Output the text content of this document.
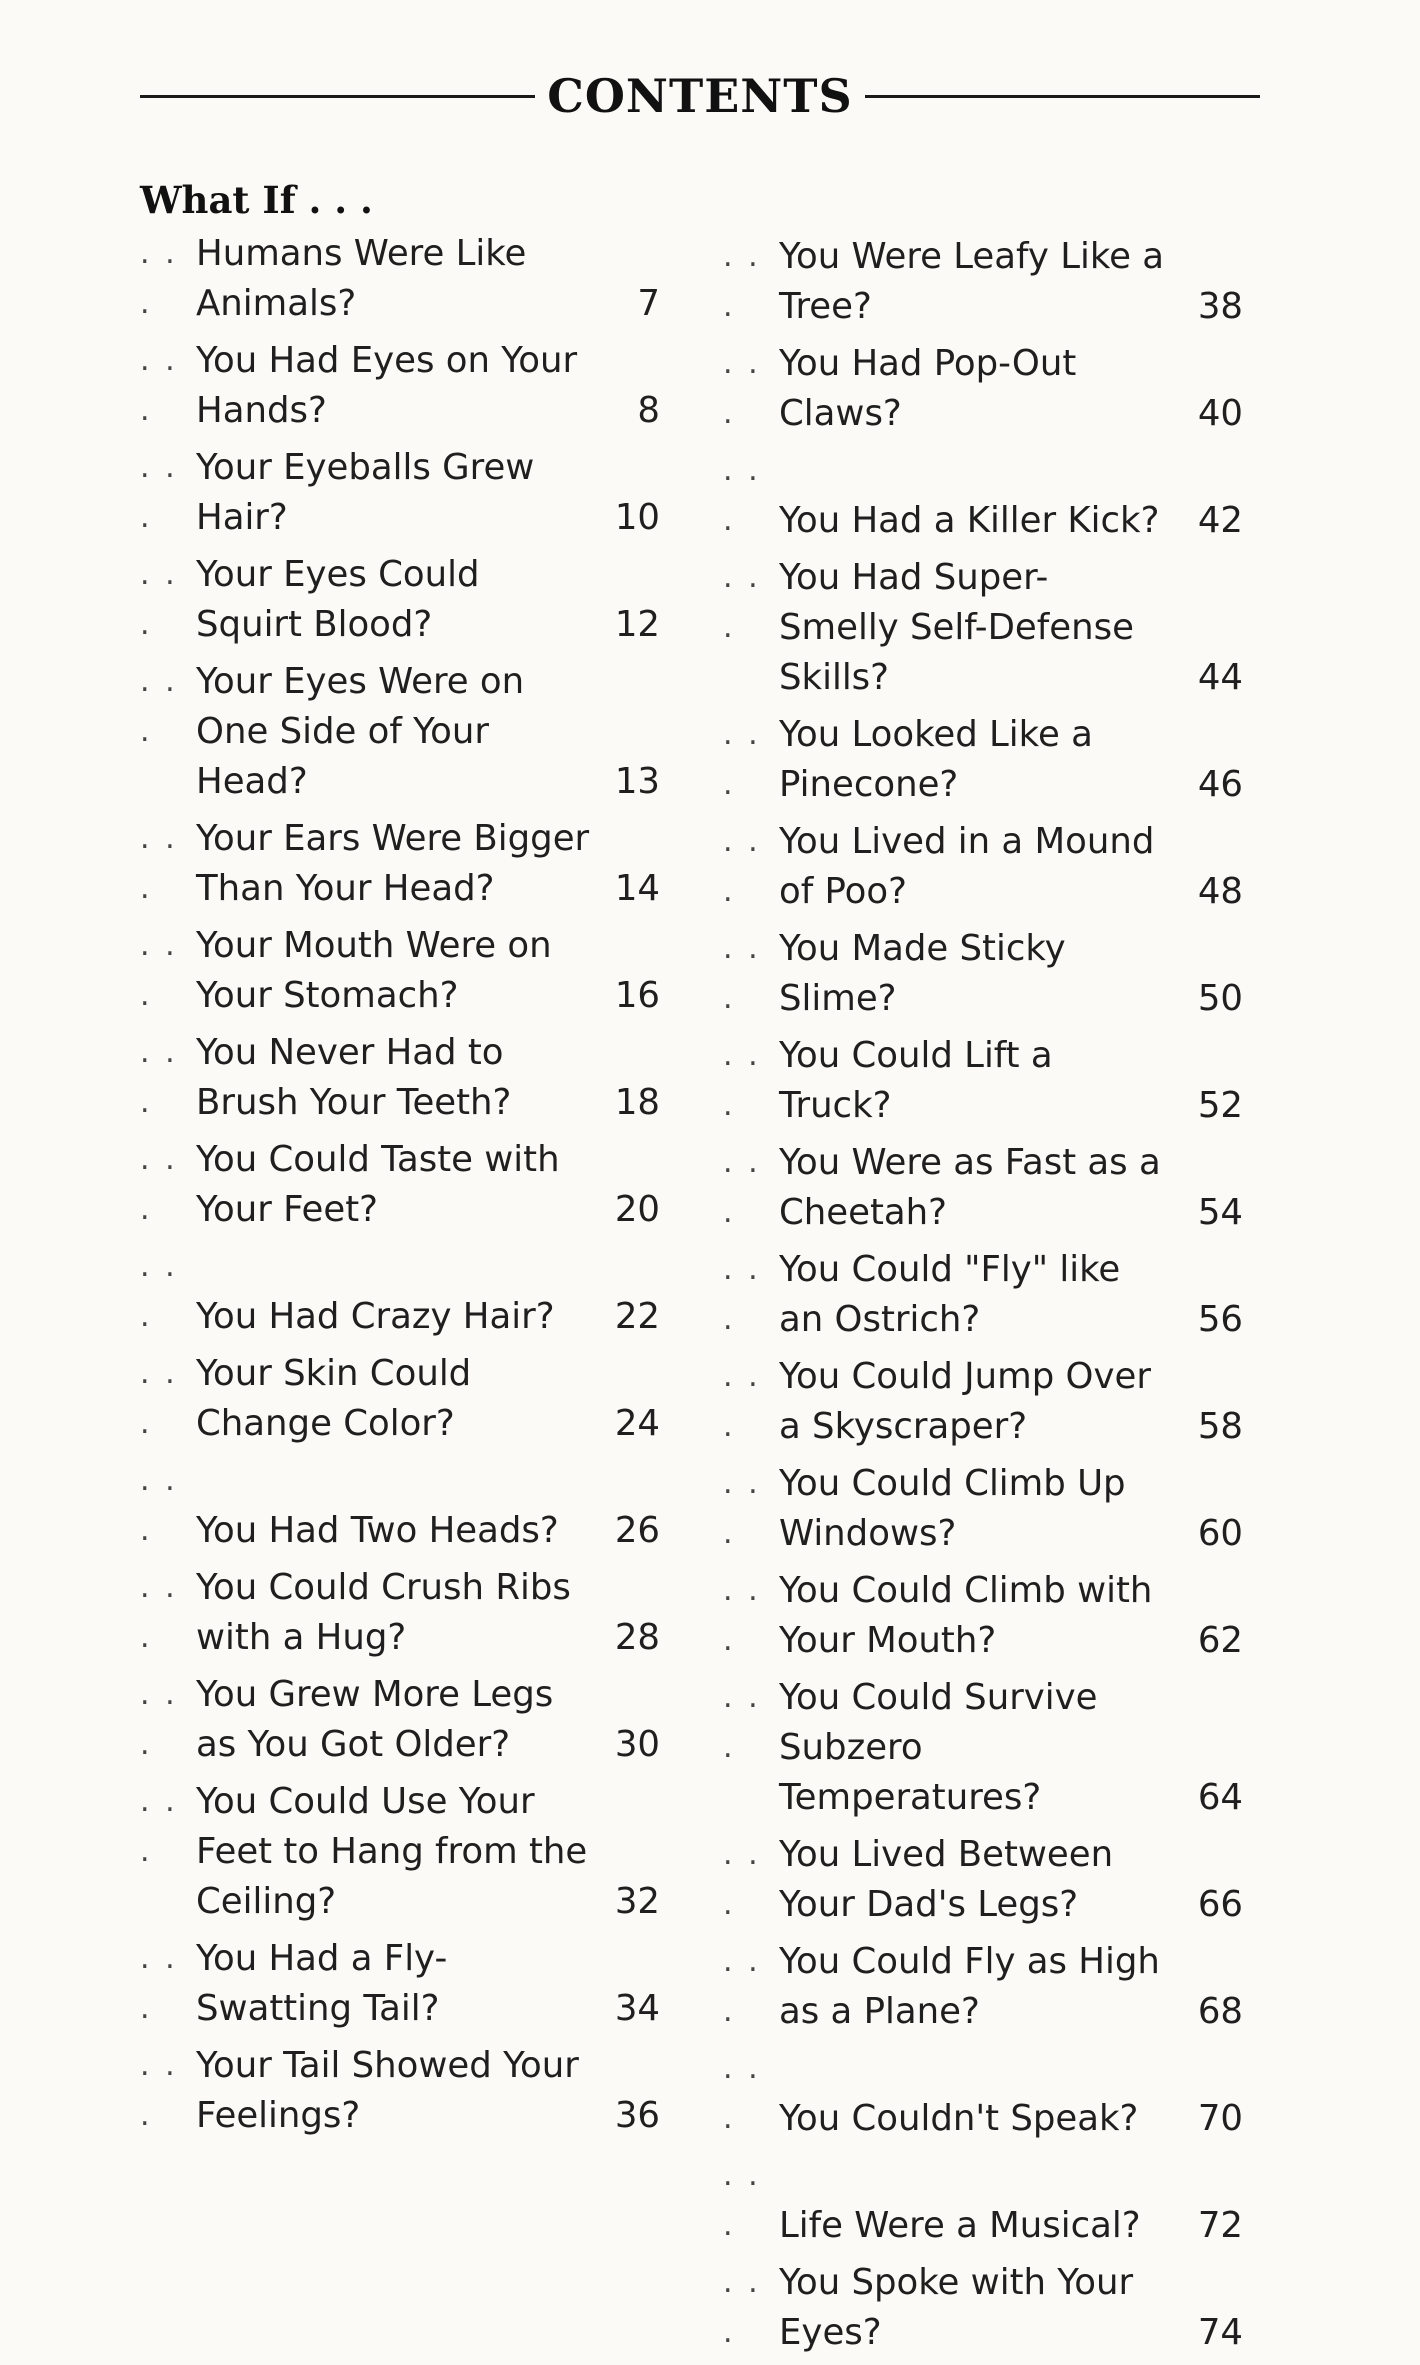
CONTENTS
What If . . .
. . .
Humans Were Like Animals?	7
. . .
You Had Eyes on Your Hands?	8
. . .
Your Eyeballs Grew Hair?	10
. . .
Your Eyes Could Squirt Blood?	12
. . .
Your Eyes Were on One Side of Your Head?	13
. . .
Your Ears Were Bigger Than Your Head?	14
. . .
Your Mouth Were on Your Stomach?	16
. . .
You Never Had to Brush Your Teeth?	18
. . .
You Could Taste with Your Feet?	20
. . .	You Had Crazy Hair?	22
. . .
Your Skin Could Change Color?	24
. . .	You Had Two Heads?	26
. . .
You Could Crush Ribs with a Hug?	28
. . .
You Grew More Legs as You Got Older?	30
. . .
You Could Use Your Feet to Hang from the Ceiling?	32
. . .
You Had a Fly-Swatting Tail?	34
. . .
Your Tail Showed Your Feelings?	36
. . .
You Were Leafy Like a Tree?	38
. . .
You Had Pop-Out Claws?	40
. . .	You Had a Killer Kick?	42
. . .
You Had Super-Smelly Self-Defense Skills?	44
. . .
You Looked Like a Pinecone?	46
. . .
You Lived in a Mound of Poo?	48
. . .
You Made Sticky Slime?	50
. . .
You Could Lift a Truck?	52
. . .
You Were as Fast as a Cheetah?	54
. . .
You Could "Fly" like an Ostrich?	56
. . .
You Could Jump Over a Skyscraper?	58
. . .
You Could Climb Up Windows?	60
. . .
You Could Climb with Your Mouth?	62
. . .
You Could Survive Subzero Temperatures?	64
. . .
You Lived Between Your Dad's Legs?	66
. . .
You Could Fly as High as a Plane?	68
. . .	You Couldn't Speak?	70
. . .	Life Were a Musical?	72
. . .
You Spoke with Your Eyes?	74
